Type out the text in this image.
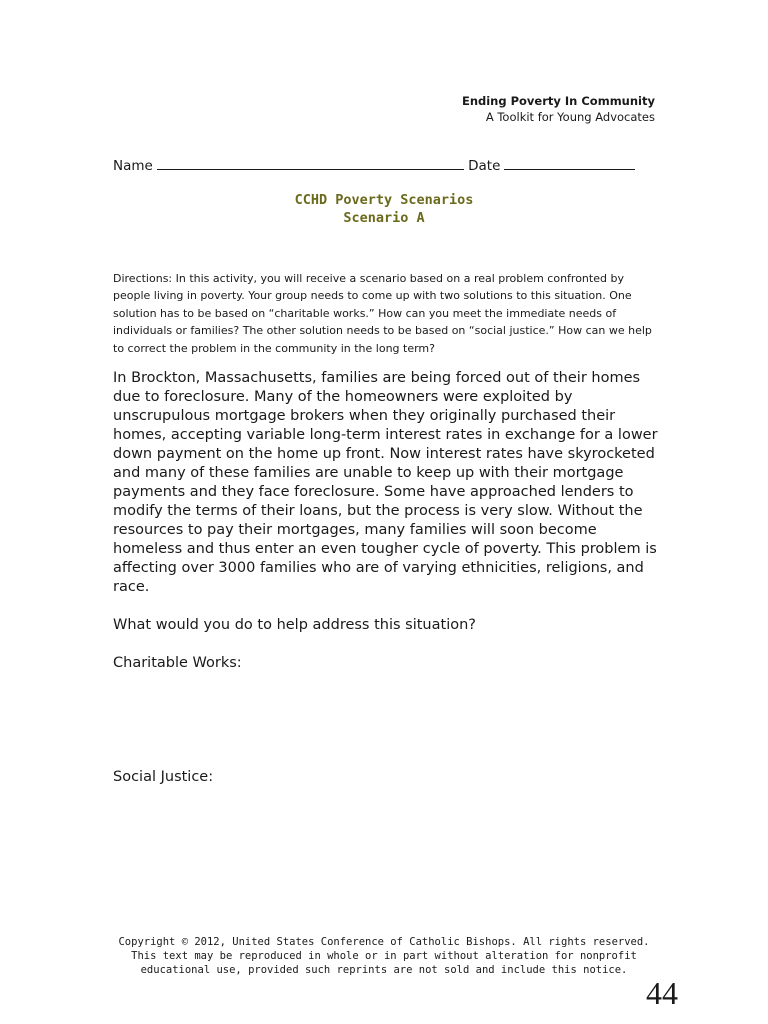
Ending Poverty In Community
A Toolkit for Young Advocates
Name	Date
CCHD Poverty Scenarios
Scenario A
Directions: In this activity, you will receive a scenario based on a real problem confronted by people living in poverty. Your group needs to come up with two solutions to this situation. One solution has to be based on “charitable works.” How can you meet the immediate needs of individuals or families? The other solution needs to be based on “social justice.” How can we help to correct the problem in the community in the long term?
In Brockton, Massachusetts, families are being forced out of their homes due to foreclosure. Many of the homeowners were exploited by unscrupulous mortgage brokers when they originally purchased their homes, accepting variable long-term interest rates in exchange for a lower down payment on the home up front. Now interest rates have skyrocketed and many of these families are unable to keep up with their mortgage payments and they face foreclosure. Some have approached lenders to modify the terms of their loans, but the process is very slow. Without the resources to pay their mortgages, many families will soon become homeless and thus enter an even tougher cycle of poverty. This problem is affecting over 3000 families who are of varying ethnicities, religions, and race.
What would you do to help address this situation?
Charitable Works:
Social Justice:
Copyright © 2012, United States Conference of Catholic Bishops. All rights reserved.
This text may be reproduced in whole or in part without alteration for nonprofit
educational use, provided such reprints are not sold and include this notice.
44
